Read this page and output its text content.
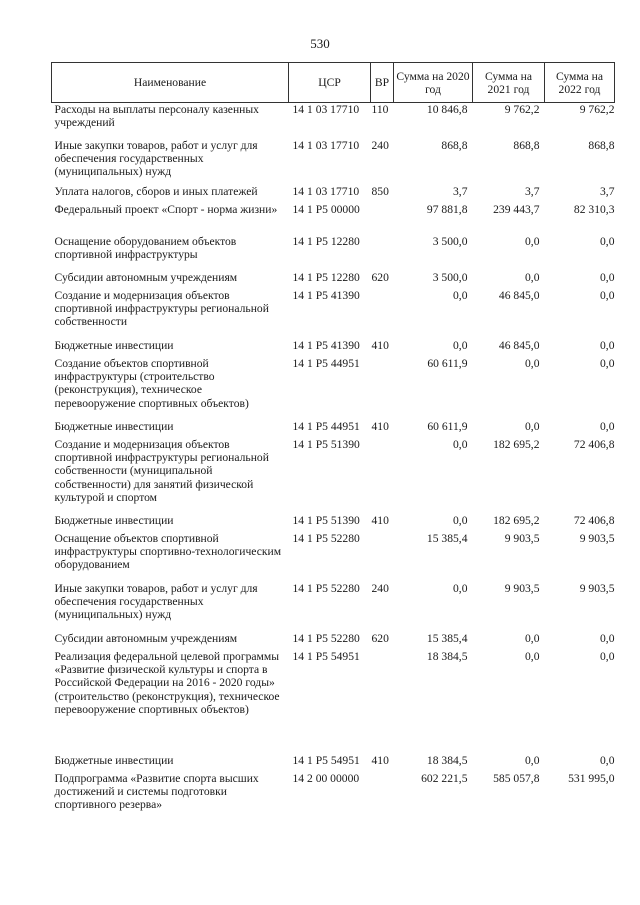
530
Наименование	ЦСР	ВР	Сумма на 2020 год	Сумма на 2021 год	Сумма на 2022 год
Расходы на выплаты персоналу казенных учреждений	14 1 03 17710	110	10 846,8	9 762,2	9 762,2
Иные закупки товаров, работ и услуг для обеспечения государственных (муниципальных) нужд	14 1 03 17710	240	868,8	868,8	868,8
Уплата налогов, сборов и иных платежей	14 1 03 17710	850	3,7	3,7	3,7
Федеральный проект «Спорт - норма жизни»	14 1 P5 00000		97 881,8	239 443,7	82 310,3
Оснащение оборудованием объектов спортивной инфраструктуры	14 1 P5 12280		3 500,0	0,0	0,0
Субсидии автономным учреждениям	14 1 P5 12280	620	3 500,0	0,0	0,0
Создание и модернизация объектов спортивной инфраструктуры региональной собственности	14 1 P5 41390		0,0	46 845,0	0,0
Бюджетные инвестиции	14 1 P5 41390	410	0,0	46 845,0	0,0
Создание объектов спортивной инфраструктуры (строительство (реконструкция), техническое перевооружение спортивных объектов)	14 1 P5 44951		60 611,9	0,0	0,0
Бюджетные инвестиции	14 1 P5 44951	410	60 611,9	0,0	0,0
Создание и модернизация объектов спортивной инфраструктуры региональной собственности (муниципальной собственности) для занятий физической культурой и спортом	14 1 P5 51390		0,0	182 695,2	72 406,8
Бюджетные инвестиции	14 1 P5 51390	410	0,0	182 695,2	72 406,8
Оснащение объектов спортивной инфраструктуры спортивно-технологическим оборудованием	14 1 P5 52280		15 385,4	9 903,5	9 903,5
Иные закупки товаров, работ и услуг для обеспечения государственных (муниципальных) нужд	14 1 P5 52280	240	0,0	9 903,5	9 903,5
Субсидии автономным учреждениям	14 1 P5 52280	620	15 385,4	0,0	0,0
Реализация федеральной целевой программы «Развитие физической культуры и спорта в Российской Федерации на 2016 - 2020 годы» (строительство (реконструкция), техническое перевооружение спортивных объектов)	14 1 P5 54951		18 384,5	0,0	0,0
Бюджетные инвестиции	14 1 P5 54951	410	18 384,5	0,0	0,0
Подпрограмма «Развитие спорта высших достижений и системы подготовки спортивного резерва»	14 2 00 00000		602 221,5	585 057,8	531 995,0
